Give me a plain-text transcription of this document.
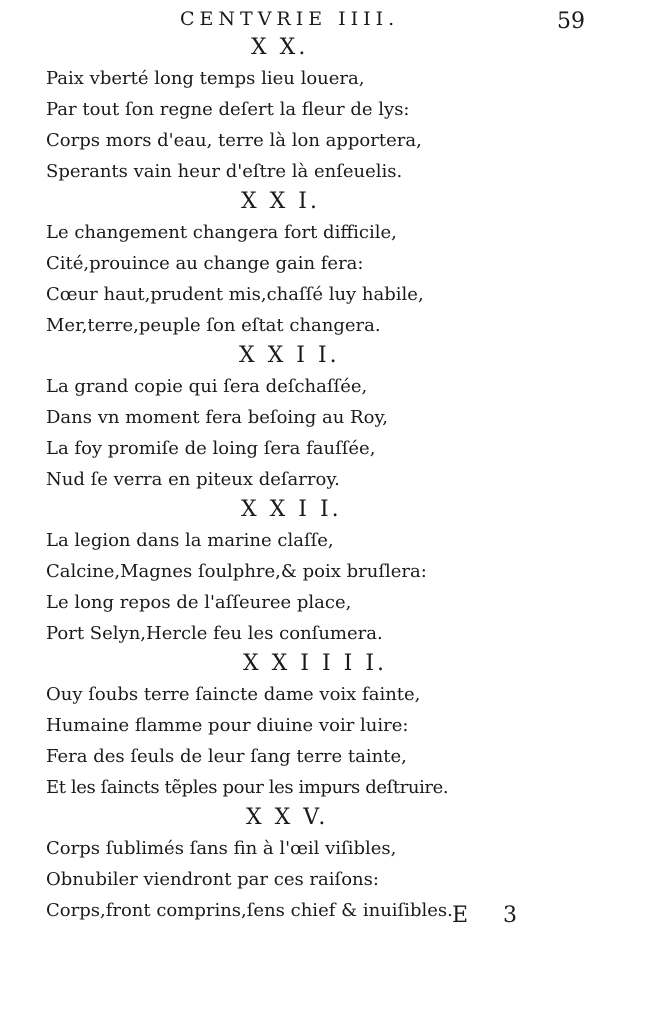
CENTVRIE IIII.	59
X X.
Paix vberté long temps lieu louera,
Par tout ſon regne deſert la fleur de lys:
Corps mors d'eau, terre là lon apportera,
Sperants vain heur d'eſtre là enſeuelis.
X X I.
Le changement changera fort difficile,
Cité,prouince au change gain fera:
Cœur haut,prudent mis,chaſſé luy habile,
Mer,terre,peuple ſon eſtat changera.
X X I I.
La grand copie qui ſera deſchaſſée,
Dans vn moment fera beſoing au Roy,
La foy promiſe de loing ſera fauſſée,
Nud ſe verra en piteux deſarroy.
X X I I.
La legion dans la marine claſſe,
Calcine,Magnes ſoulphre,& poix bruſlera:
Le long repos de l'aſſeuree place,
Port Selyn,Hercle feu les conſumera.
X X I I I I.
Ouy ſoubs terre ſaincte dame voix fainte,
Humaine flamme pour diuine voir luire:
Fera des ſeuls de leur ſang terre tainte,
Et les ſaincts tẽples pour les impurs deſtruire.
X X V.
Corps ſublimés ſans fin à l'œil viſibles,
Obnubiler viendront par ces raiſons:
Corps,front comprins,ſens chief & inuiſibles. E 3
